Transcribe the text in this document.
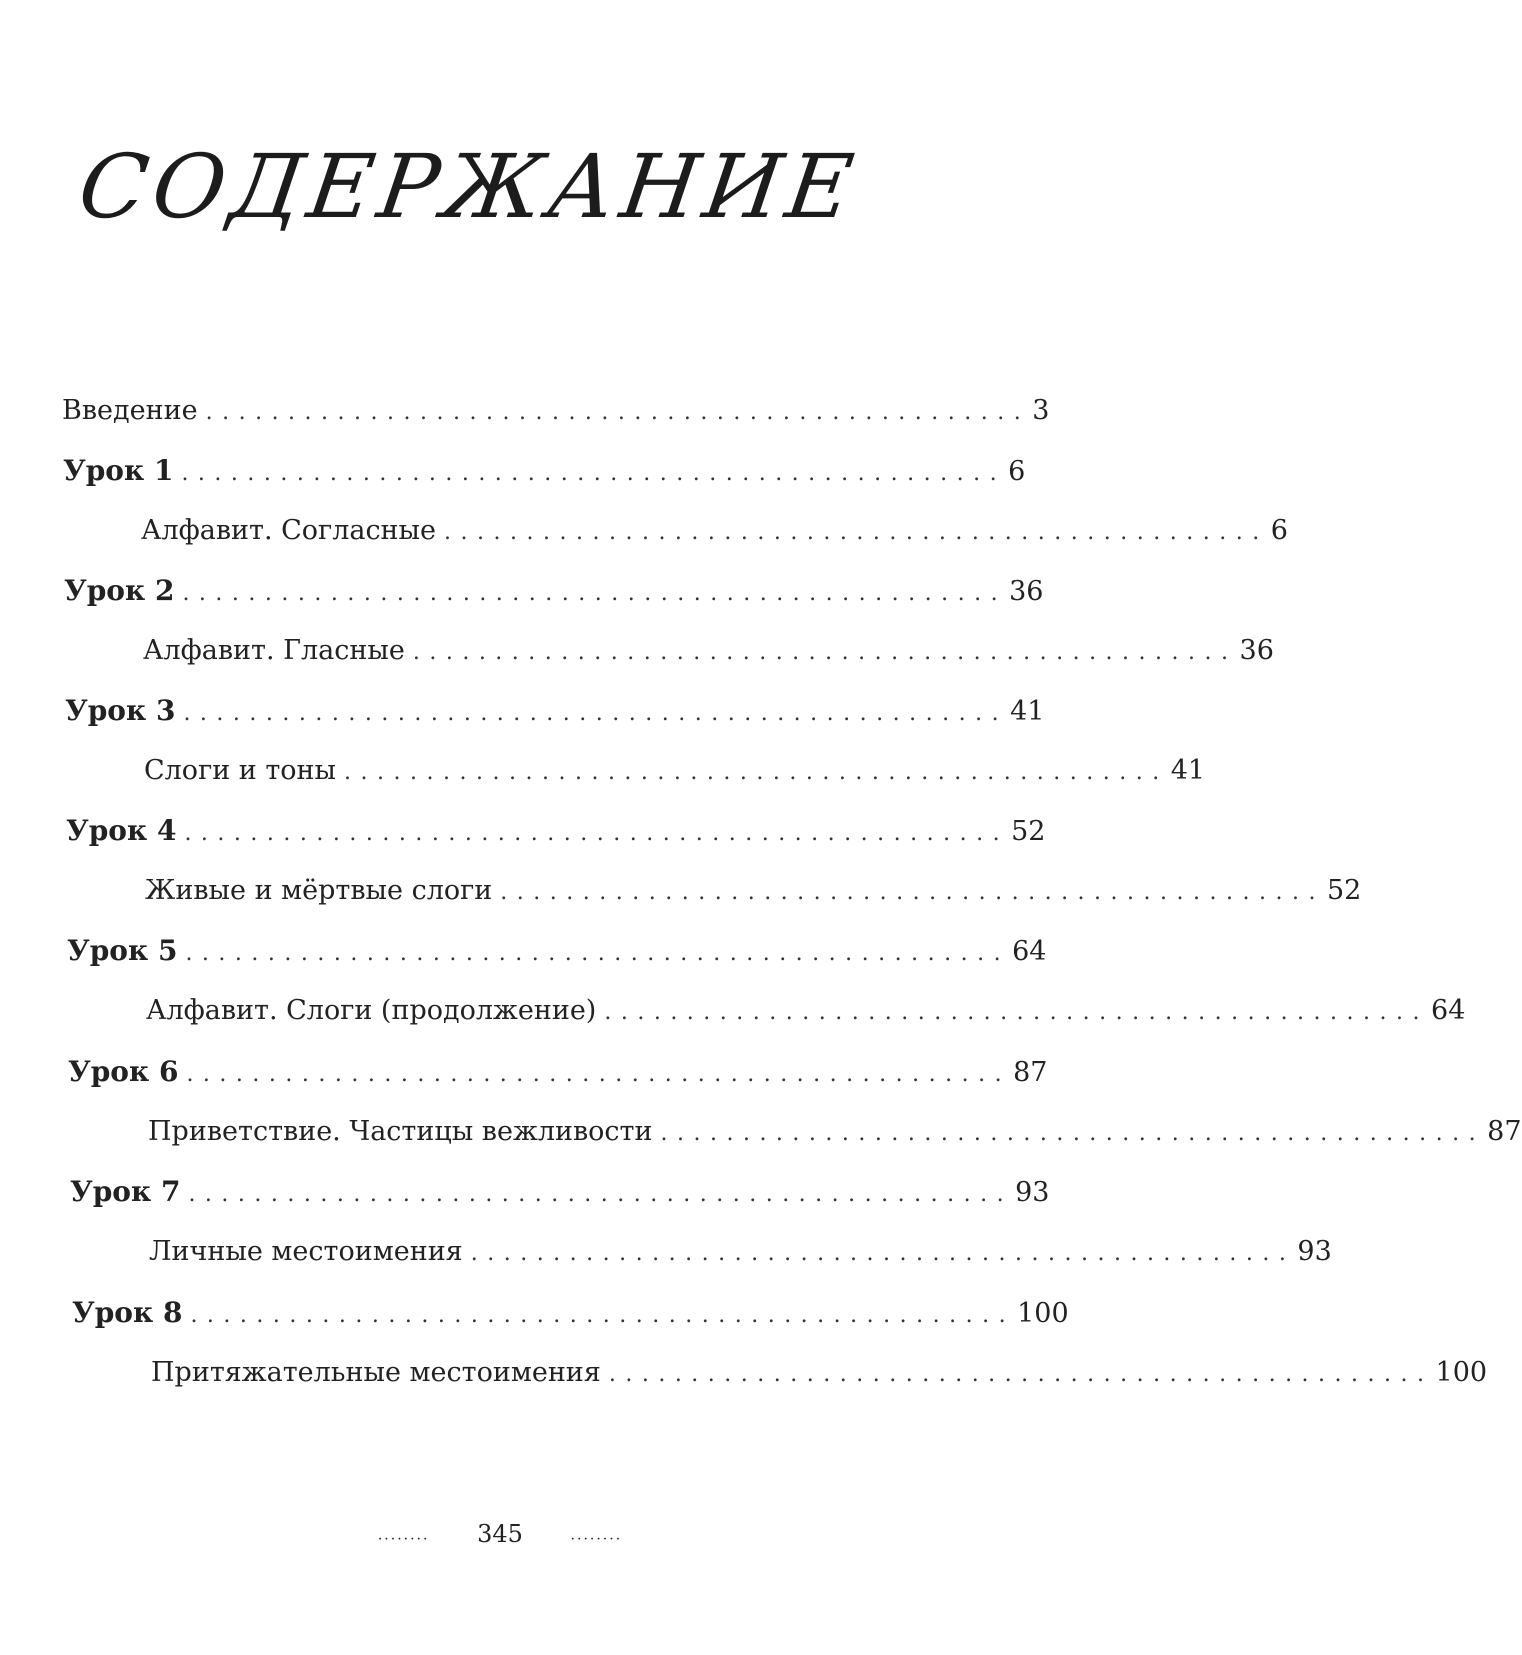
СОДЕРЖАНИЕ
Введение .................................................. 3
Урок 1 .................................................. 6
Алфавит. Согласные .................................................. 6
Урок 2 .................................................. 36
Алфавит. Гласные .................................................. 36
Урок 3 .................................................. 41
Слоги и тоны .................................................. 41
Урок 4 .................................................. 52
Живые и мёртвые слоги .................................................. 52
Урок 5 .................................................. 64
Алфавит. Слоги (продолжение) .................................................. 64
Урок 6 .................................................. 87
Приветствие. Частицы вежливости .................................................. 87
Урок 7 .................................................. 93
Личные местоимения .................................................. 93
Урок 8 .................................................. 100
Притяжательные местоимения .................................................. 100
........ 345	........
